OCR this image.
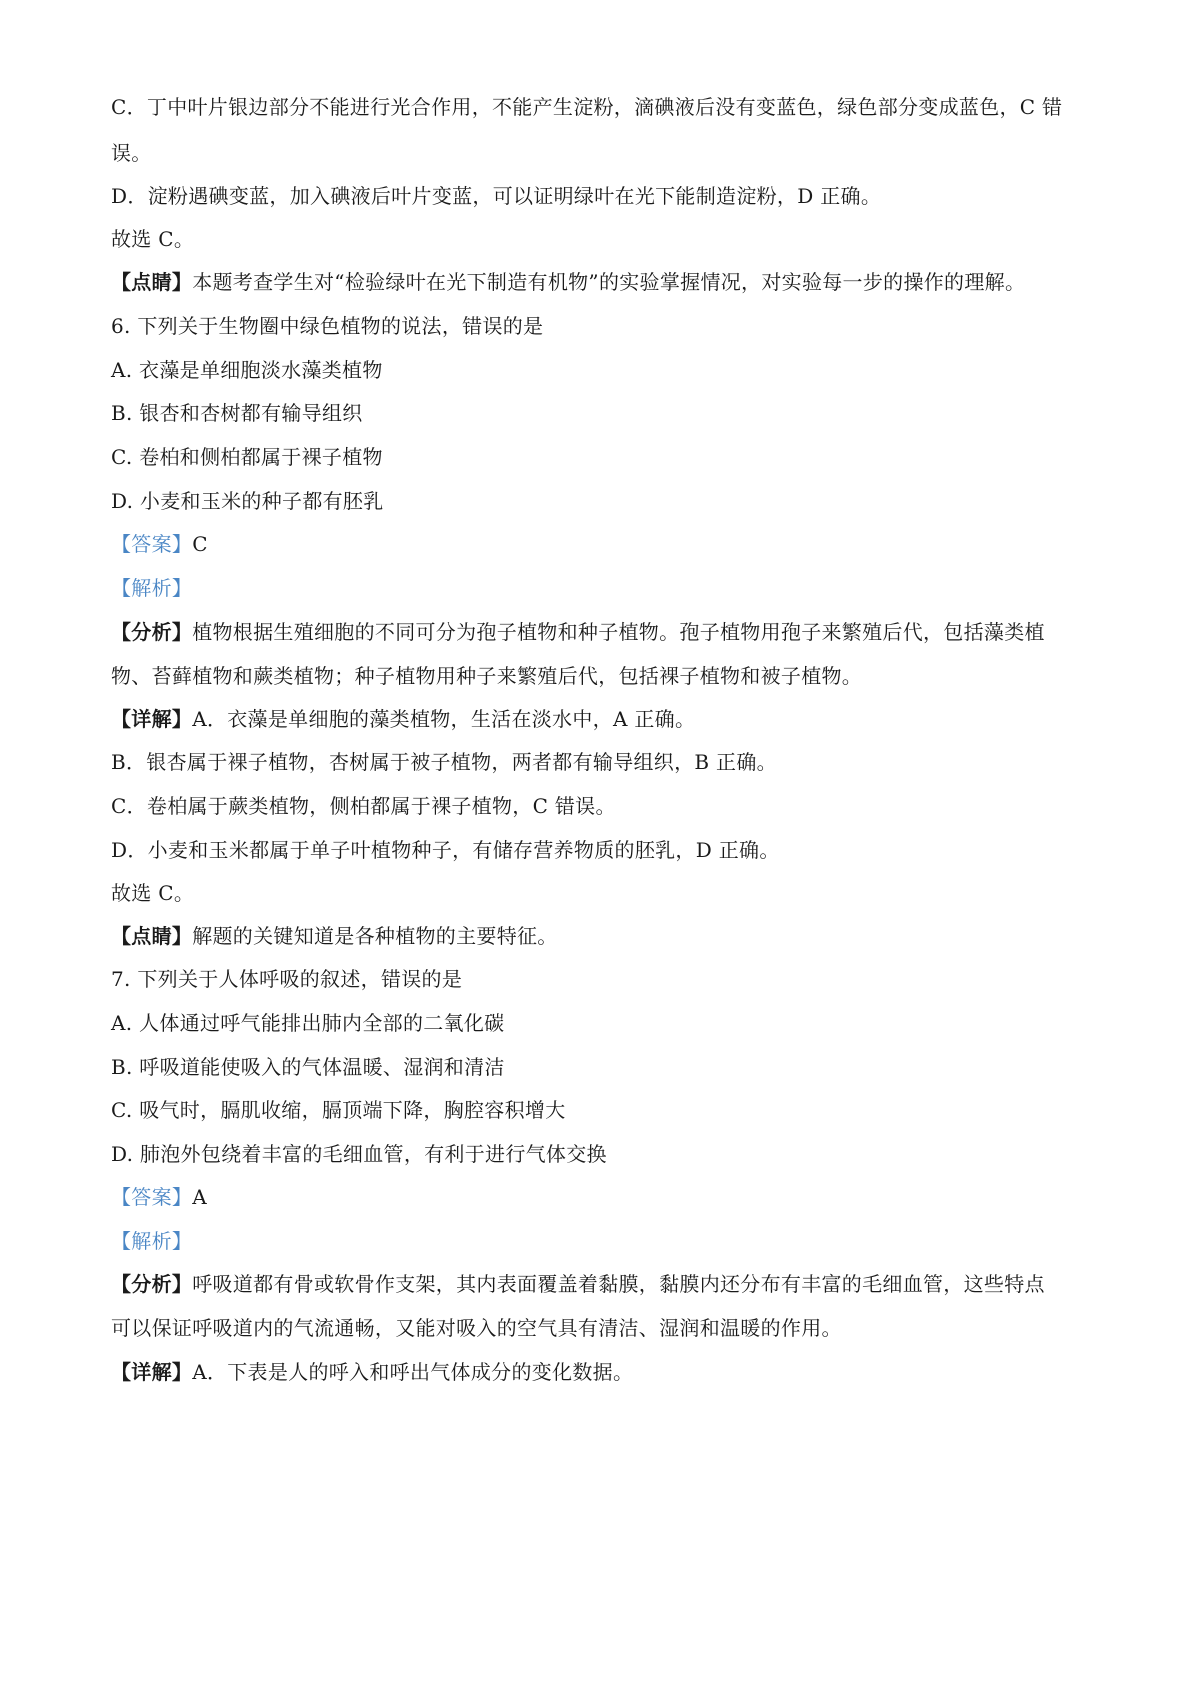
C．丁中叶片银边部分不能进行光合作用，不能产生淀粉，滴碘液后没有变蓝色，绿色部分变成蓝色，C 错
误。
D．淀粉遇碘变蓝，加入碘液后叶片变蓝，可以证明绿叶在光下能制造淀粉，D 正确。
故选 C。
【点睛】本题考查学生对“检验绿叶在光下制造有机物”的实验掌握情况，对实验每一步的操作的理解。
6. 下列关于生物圈中绿色植物的说法，错误的是
A. 衣藻是单细胞淡水藻类植物
B. 银杏和杏树都有输导组织
C. 卷柏和侧柏都属于裸子植物
D. 小麦和玉米的种子都有胚乳
【答案】C
【解析】
【分析】植物根据生殖细胞的不同可分为孢子植物和种子植物。孢子植物用孢子来繁殖后代，包括藻类植
物、苔藓植物和蕨类植物；种子植物用种子来繁殖后代，包括裸子植物和被子植物。
【详解】A．衣藻是单细胞的藻类植物，生活在淡水中，A 正确。
B．银杏属于裸子植物，杏树属于被子植物，两者都有输导组织，B 正确。
C．卷柏属于蕨类植物，侧柏都属于裸子植物，C 错误。
D．小麦和玉米都属于单子叶植物种子，有储存营养物质的胚乳，D 正确。
故选 C。
【点睛】解题的关键知道是各种植物的主要特征。
7. 下列关于人体呼吸的叙述，错误的是
A. 人体通过呼气能排出肺内全部的二氧化碳
B. 呼吸道能使吸入的气体温暖、湿润和清洁
C. 吸气时，膈肌收缩，膈顶端下降，胸腔容积增大
D. 肺泡外包绕着丰富的毛细血管，有利于进行气体交换
【答案】A
【解析】
【分析】呼吸道都有骨或软骨作支架，其内表面覆盖着黏膜，黏膜内还分布有丰富的毛细血管，这些特点
可以保证呼吸道内的气流通畅，又能对吸入的空气具有清洁、湿润和温暖的作用。
【详解】A．下表是人的呼入和呼出气体成分的变化数据。
